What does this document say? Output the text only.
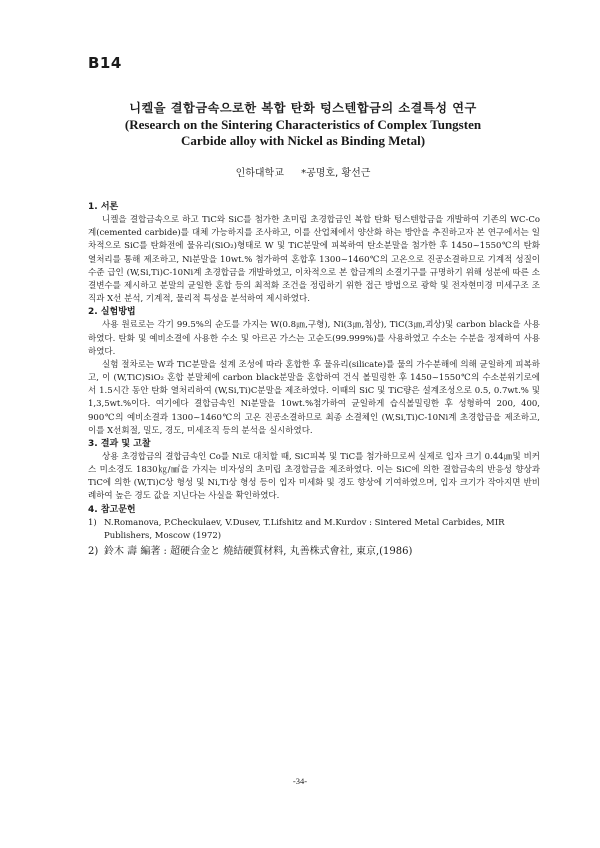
B14
니켈을 결합금속으로한 복합 탄화 텅스텐합금의 소결특성 연구
(Research on the Sintering Characteristics of Complex Tungsten
Carbide alloy with Nickel as Binding Metal)
인하대학교 *공명호, 황선근
1. 서론
니켈을 결합금속으로 하고 TiC와 SiC를 첨가한 초미립 초경합금인 복합 탄화 텅스텐합금을 개발하여 기존의 WC-Co계(cemented carbide)를 대체 가능하지를 조사하고, 이를 산업체에서 양산화 하는 방안을 추진하고자 본 연구에서는 일차적으로 SiC를 탄화전에 물유리(SiO₂)형태로 W 및 TiC분말에 피복하여 탄소분말을 첨가한 후 1450~1550℃의 탄화 열처리를 통해 제조하고, Ni분말을 10wt.% 첨가하여 혼합후 1300~1460℃의 고온으로 진공소결하므로 기계적 성질이 수준 급인 (W,Si,Ti)C-10Ni계 초경합금을 개발하였고, 이차적으로 본 합금계의 소결기구를 규명하기 위해 성분에 따른 소결변수를 제시하고 분말의 균일한 혼합 등의 최적화 조건을 정립하기 위한 접근 방법으로 광학 및 전자현미경 미세구조 조직과 X선 분석, 기계적, 물리적 특성을 분석하여 제시하였다.
2. 실험방법
사용 원료로는 각기 99.5%의 순도를 가지는 W(0.8㎛,구형), Ni(3㎛,침상), TiC(3㎛,괴상)및 carbon black을 사용하였다. 탄화 및 예비소결에 사용한 수소 및 아르곤 가스는 고순도(99.999%)를 사용하였고 수소는 수분을 정제하여 사용하였다.
실험 절차로는 W과 TiC분말을 설계 조성에 따라 혼합한 후 물유리(silicate)를 물의 가수분해에 의해 균일하게 피복하고, 이 (W,TiC)SiO₂ 혼합 분말체에 carbon black분말을 혼합하여 건식 볼밀링한 후 1450~1550℃의 수소분위기로에서 1.5시간 동안 탄화 열처리하여 (W,Si,Ti)C분말을 제조하였다. 이때의 SiC 및 TiC량은 설계조성으로 0.5, 0.7wt.% 및 1,3,5wt.%이다. 여기에다 결합금속인 Ni분말을 10wt.%첨가하여 균일하게 습식볼밀링한 후 성형하여 200, 400, 900℃의 예비소결과 1300~1460℃의 고온 진공소결하므로 최종 소결체인 (W,Si,Ti)C-10Ni계 초경합금을 제조하고, 이를 X선회절, 밀도, 경도, 미세조직 등의 분석을 실시하였다.
3. 결과 및 고찰
상용 초경합금의 결합금속인 Co를 Ni로 대치할 때, SiC피복 및 TiC를 첨가하므로써 실제로 입자 크기 0.44㎛및 비커스 미소경도 1830㎏/㎟을 가지는 비자성의 초미립 초경합금을 제조하였다. 이는 SiC에 의한 결합금속의 반응성 향상과 TiC에 의한 (W,Ti)C상 형성 및 Ni,Ti상 형성 등이 입자 미세화 및 경도 향상에 기여하였으며, 입자 크기가 작아지면 반비례하여 높은 경도 값을 지닌다는 사실을 확인하였다.
4. 참고문헌
1) N.Romanova, P.Checkulaev, V.Dusev, T.Lifshitz and M.Kurdov : Sintered Metal Carbides, MIR Publishers, Moscow (1972)
2) 鈴木 壽 編著 : 超硬合金と 燒結硬質材料, 丸善株式會社, 東京,(1986)
-34-
